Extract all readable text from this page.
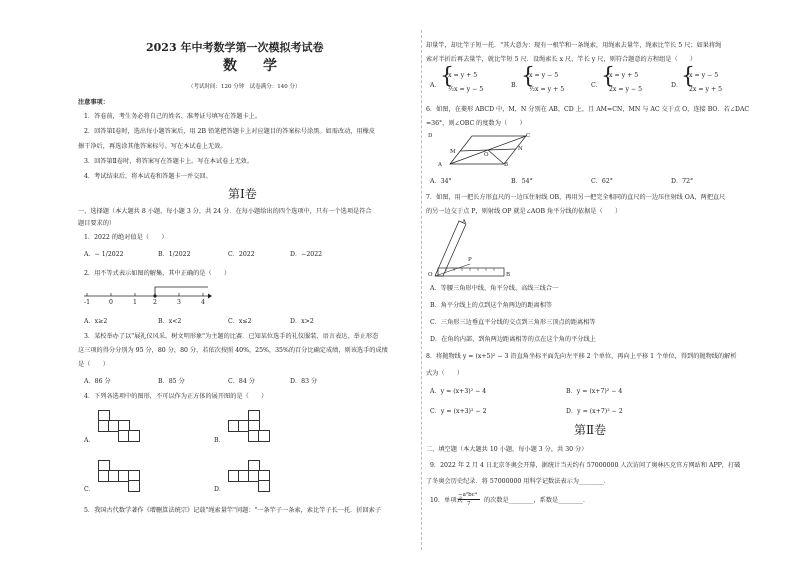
2023 年中考数学第一次模拟考试卷
数　学
（考试时间：120 分钟　试卷满分：140 分）
注意事项：
1．答卷前，考生务必将自己的姓名、准考证号填写在答题卡上。
2．回答第Ⅰ卷时，选出每小题答案后，用 2B 铅笔把答题卡上对应题目的答案标号涂黑。如需改动，用橡皮
擦干净后，再选涂其他答案标号。写在本试卷上无效。
3．回答第Ⅱ卷时，将答案写在答题卡上。写在本试卷上无效。
4．考试结束后，将本试卷和答题卡一并交回。
第Ⅰ卷
一、选择题（本大题共 8 小题，每小题 3 分，共 24 分．在每小题给出的四个选项中，只有一个选项是符合
题目要求的）
1．2022 的绝对值是（　　）
A．− 1/2022	B．1/2022	C．2022	D．−2022
2．用不等式表示如图的解集，其中正确的是（　　）
-1	0	1	2	3	4
A．x≥2	B．x<2	C．x≤2	D．x>2
3．某校举办了以"展礼仪风采，树文明形象"为主题的比赛．已知某位选手的礼仪服装、语言表达、举止形态
这三项的得分分别为 95 分，80 分，80 分，若依次按照 40%，25%，35%的百分比确定成绩，则该选手的成绩
是（　　）
A．86 分	B．85 分	C．84 分	D．83 分
4．下列各选项中的图形，不可以作为正方体的展开图的是（　　）
A．	B．
C．	D．
5．我国古代数学著作《增删算法统宗》记载"绳索量竿"问题："一条竿子一条索，索比竿子长一托．折回索子
却量竿，却比竿子短一托．"其大意为：现有一根竿和一条绳索，用绳索去量竿，绳索比竿长 5 尺；如果将绳
索对半折后再去量竿，就比竿短 5 尺．设绳索长 x 尺，竿长 y 尺，则符合题意的方程组是（　　）
A． {
x = y + 5
½x = y − 5
B． {
x = y − 5
½x = y + 5
C． {
x = y + 5
2x = y − 5
D．
{
x = y − 5
2x = y + 5
6．如图，在菱形 ABCD 中，M，N 分别在 AB，CD 上，且 AM=CN，MN 与 AC 交于点 O，连接 BO．若∠DAC
=36°，则∠OBC 的度数为（　　）
D	C
A	B
M	N
O
A．34°	B．54°	C．62°	D．72°
7．如图，用一把长方形直尺的一边压住射线 OB，再用另一把完全相同的直尺的一边压住射线 OA，两把直尺
的另一边交于点 P，则射线 OP 就是∠AOB 角平分线的依据是（　　）
O
A
B
P
A．等腰三角形中线、角平分线、高线三线合一
B．角平分线上的点到这个角两边的距离相等
C．三角形三边垂直平分线的交点到三角形三顶点的距离相等
D．在角的内部，到角两边距离相等的点在这个角的平分线上
8．将抛物线 y = (x+5)² − 3 沿直角坐标平面先向左平移 2 个单位，再向上平移 1 个单位，得到的抛物线的解析
式为（　　）
A．y = (x+3)² − 4	B．y = (x+7)² − 4
C．y = (x+3)² − 2	D．y = (x+7)² − 2
第Ⅱ卷
二、填空题（本大题共 10 小题，每小题 3 分，共 30 分）
9．2022 年 2 月 4 日北京冬奥会开幕，据统计当天约有 57000000 人次访问了奥林匹克官方网站和 APP，打破
了冬奥会历史纪录．将 57000000 用科学记数法表示为________．
10．单项式
−a²bc⁴
7 的次数是________，系数是________．
